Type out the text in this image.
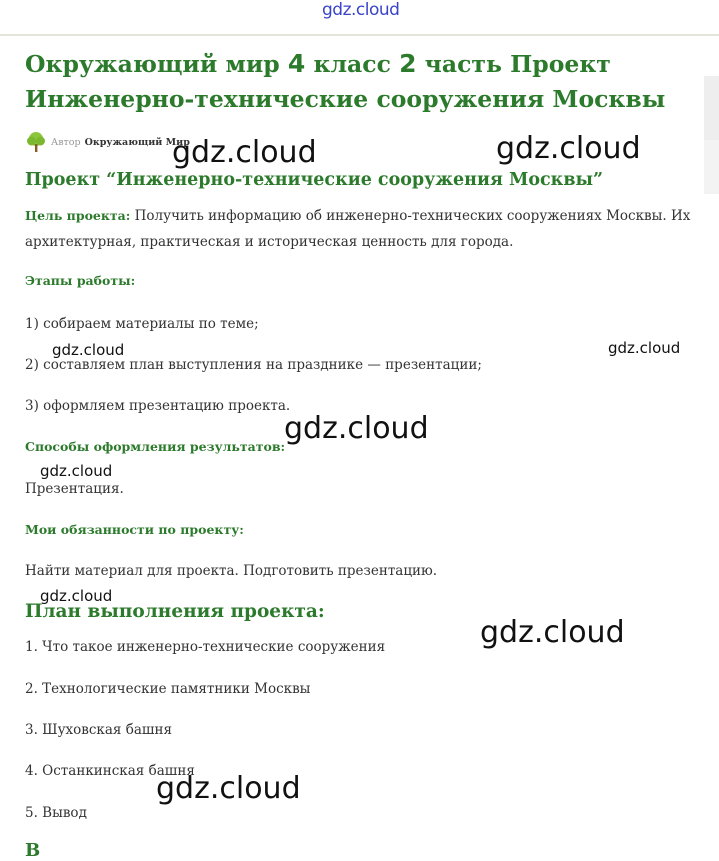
gdz.cloud
Окружающий мир 4 класс 2 часть Проект
Инженерно-технические сооружения Москвы
Автор Окружающий Мир
Проект “Инженерно-технические сооружения Москвы”

Цель проекта: Получить информацию об инженерно-технических сооружениях Москвы. Их архитектурная, практическая и историческая ценность для города.

Этапы работы:

1) собираем материалы по теме;

2) составляем план выступления на празднике — презентации;

3) оформляем презентацию проекта.

Способы оформления результатов:

Презентация.

Мои обязанности по проекту:

Найти материал для проекта. Подготовить презентацию.

План выполнения проекта:

1. Что такое инженерно-технические сооружения

2. Технологические памятники Москвы

3. Шуховская башня

4. Останкинская башня

5. Вывод

В
gdz.cloud	gdz.cloud
gdz.cloud	gdz.cloud
gdz.cloud
gdz.cloud
gdz.cloud
gdz.cloud
gdz.cloud
